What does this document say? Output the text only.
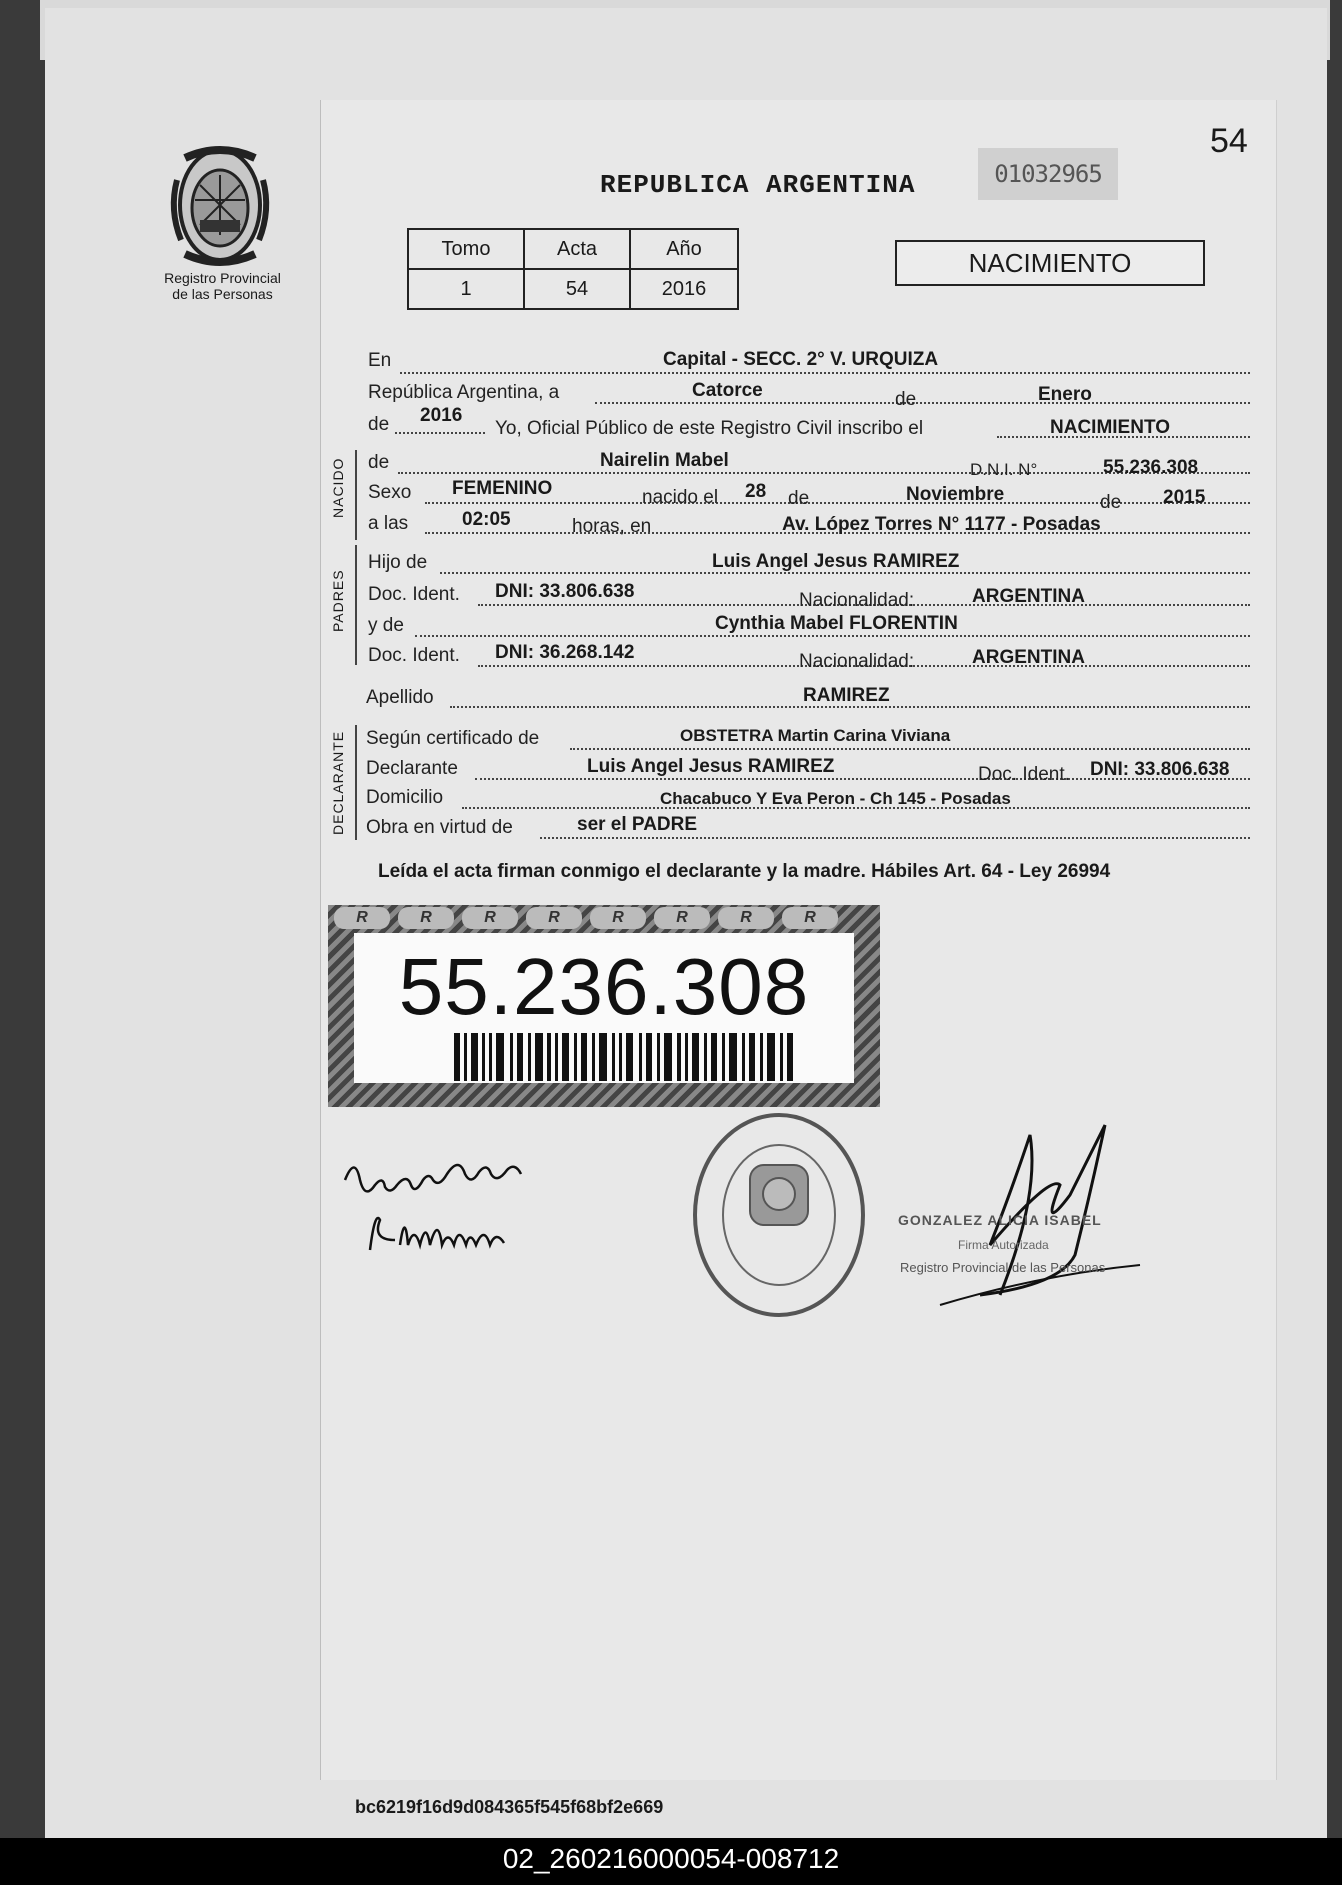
54
REPUBLICA ARGENTINA	01032965
Registro Provincial
de las Personas
Tomo	Acta	Año
1	54	2016
NACIMIENTO
En	Capital - SECC. 2° V. URQUIZA
República Argentina, a	Catorce	de	Enero
de 2016
Yo, Oficial Público de este Registro Civil inscribo el	NACIMIENTO
NACIDO de	Nairelin Mabel	D.N.I. N°	55.236.308
Sexo FEMENINO	nacido el 28 de	Noviembre	de 2015
a las	02:05	horas, en	Av. López Torres N° 1177 - Posadas
PADRES
Hijo de	Luis Angel Jesus RAMIREZ
Doc. Ident. DNI: 33.806.638	Nacionalidad:	ARGENTINA
y de	Cynthia Mabel FLORENTIN
Doc. Ident. DNI: 36.268.142	Nacionalidad:	ARGENTINA
Apellido	RAMIREZ
DECLARANTE Según certificado de	OBSTETRA Martin Carina Viviana
Declarante	Luis Angel Jesus RAMIREZ	Doc. Ident. DNI: 33.806.638
Domicilio	Chacabuco Y Eva Peron - Ch 145 - Posadas
Obra en virtud de	ser el PADRE
Leída el acta firman conmigo el declarante y la madre. Hábiles Art. 64 - Ley 26994
R	R	R	R	R	R	R	R
55.236.308
GONZALEZ ALICIA ISABEL
Firma Autorizada
Registro Provincial de las Personas
bc6219f16d9d084365f545f68bf2e669
02_260216000054-008712
